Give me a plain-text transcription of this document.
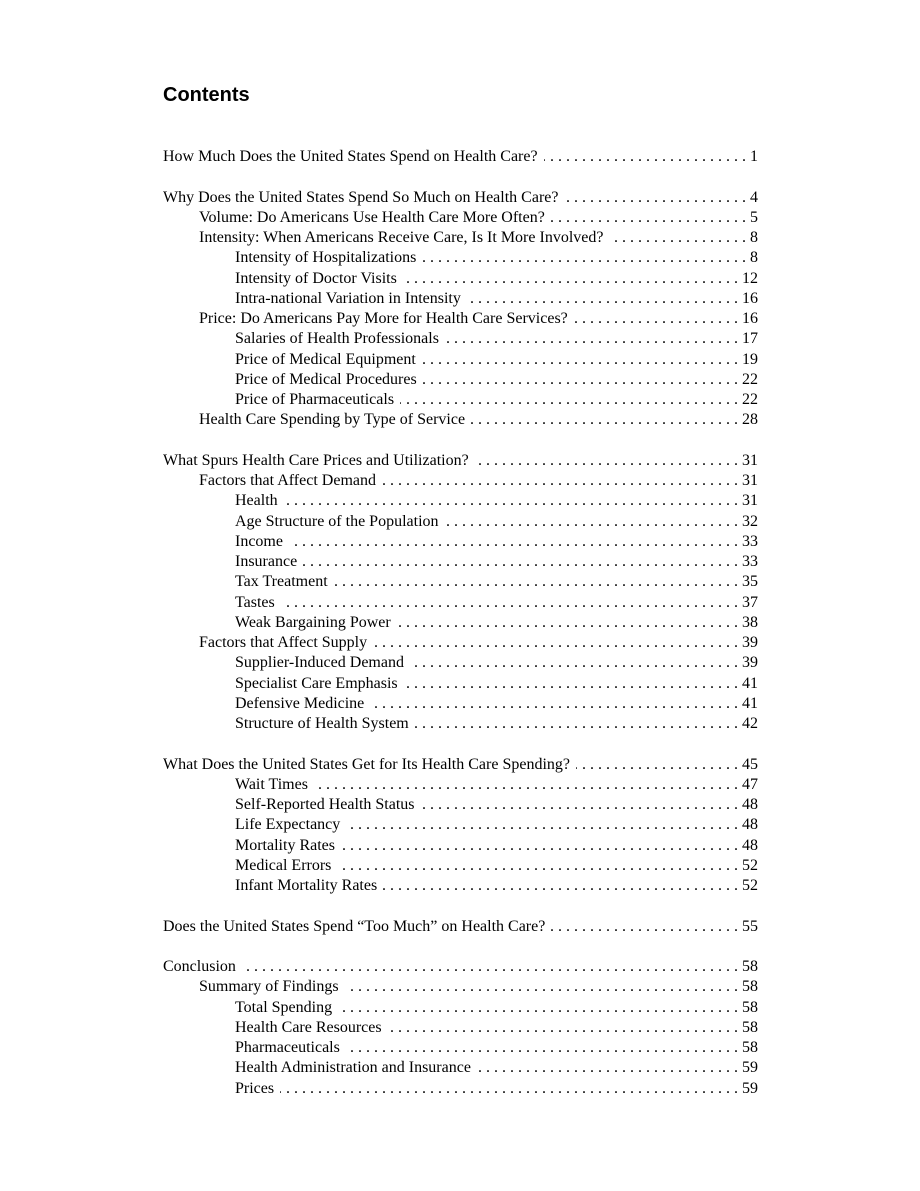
Contents
How Much Does the United States Spend on Health Care? . . .	1
Why Does the United States Spend So Much on Health Care? . . .	4
Volume: Do Americans Use Health Care More Often? . . .	5
Intensity: When Americans Receive Care, Is It More Involved? . . .	8
Intensity of Hospitalizations . . .	8
Intensity of Doctor Visits . . .	12
Intra-national Variation in Intensity . . .	16
Price: Do Americans Pay More for Health Care Services? . . .	16
Salaries of Health Professionals . . .	17
Price of Medical Equipment . . .	19
Price of Medical Procedures . . .	22
Price of Pharmaceuticals . . .	22
Health Care Spending by Type of Service . . .	28
What Spurs Health Care Prices and Utilization? . . .	31
Factors that Affect Demand . . .	31
Health . . .	31
Age Structure of the Population . . .	32
Income . . .	33
Insurance . . .	33
Tax Treatment . . .	35
Tastes . . .	37
Weak Bargaining Power . . .	38
Factors that Affect Supply . . .	39
Supplier-Induced Demand . . .	39
Specialist Care Emphasis . . .	41
Defensive Medicine . . .	41
Structure of Health System . . .	42
What Does the United States Get for Its Health Care Spending? . . .	45
Wait Times . . .	47
Self-Reported Health Status . . .	48
Life Expectancy . . .	48
Mortality Rates . . .	48
Medical Errors . . .	52
Infant Mortality Rates . . .	52
Does the United States Spend “Too Much” on Health Care? . . .	55
Conclusion . . .	58
Summary of Findings . . .	58
Total Spending . . .	58
Health Care Resources . . .	58
Pharmaceuticals . . .	58
Health Administration and Insurance . . .	59
Prices . . .	59
